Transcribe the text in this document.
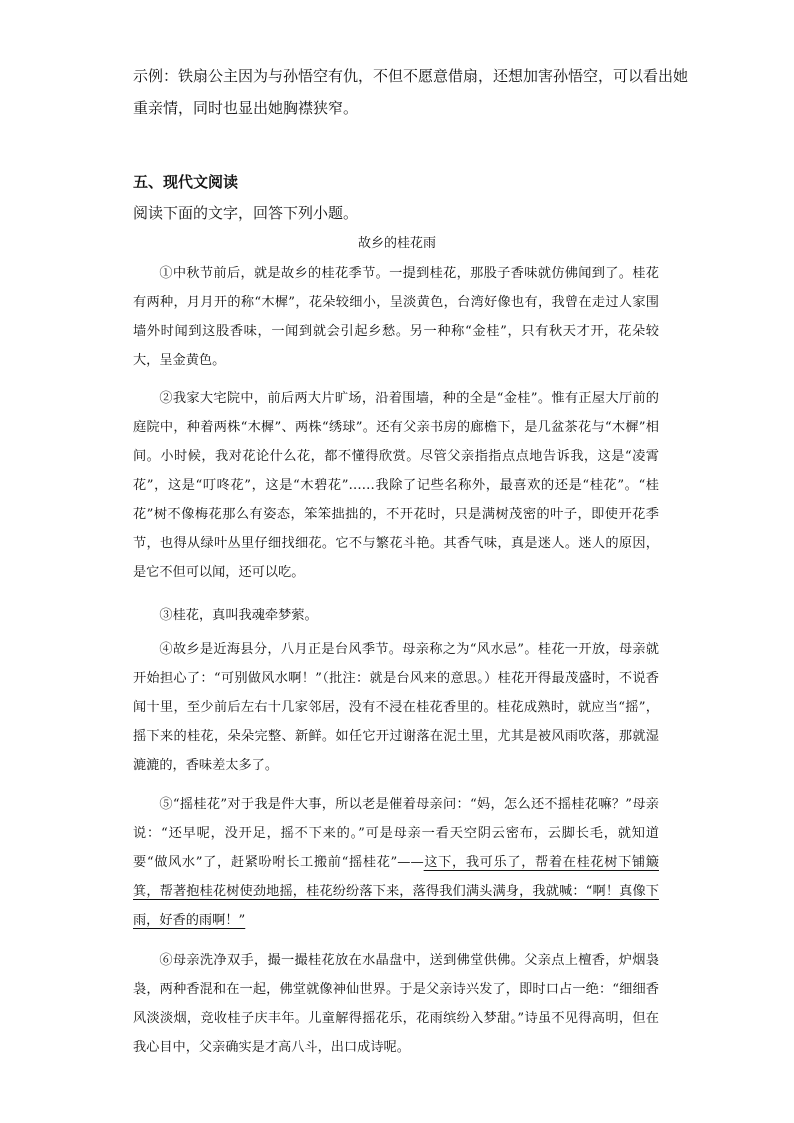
示例：铁扇公主因为与孙悟空有仇，不但不愿意借扇，还想加害孙悟空，可以看出她

重亲情，同时也显出她胸襟狭窄。

五、现代文阅读

阅读下面的文字，回答下列小题。

故乡的桂花雨

①中秋节前后，就是故乡的桂花季节。一提到桂花，那股子香味就仿佛闻到了。桂花有两种，月月开的称“木樨”，花朵较细小，呈淡黄色，台湾好像也有，我曾在走过人家围墙外时闻到这股香味，一闻到就会引起乡愁。另一种称“金桂”，只有秋天才开，花朵较大，呈金黄色。

②我家大宅院中，前后两大片旷场，沿着围墙，种的全是“金桂”。惟有正屋大厅前的庭院中，种着两株“木樨”、两株“绣球”。还有父亲书房的廊檐下，是几盆茶花与“木樨”相间。小时候，我对花论什么花，都不懂得欣赏。尽管父亲指指点点地告诉我，这是“凌霄花”，这是“叮咚花”，这是“木碧花”……我除了记些名称外，最喜欢的还是“桂花”。“桂花”树不像梅花那么有姿态，笨笨拙拙的，不开花时，只是满树茂密的叶子，即使开花季节，也得从绿叶丛里仔细找细花。它不与繁花斗艳。其香气味，真是迷人。迷人的原因，是它不但可以闻，还可以吃。

③桂花，真叫我魂牵梦萦。

④故乡是近海县分，八月正是台风季节。母亲称之为“风水忌”。桂花一开放，母亲就开始担心了：“可别做风水啊！”（批注：就是台风来的意思。）桂花开得最茂盛时，不说香闻十里，至少前后左右十几家邻居，没有不浸在桂花香里的。桂花成熟时，就应当“摇”，摇下来的桂花，朵朵完整、新鲜。如任它开过谢落在泥土里，尤其是被风雨吹落，那就湿漉漉的，香味差太多了。

⑤“摇桂花”对于我是件大事，所以老是催着母亲问：“妈，怎么还不摇桂花嘛？”母亲说：“还早呢，没开足，摇不下来的。”可是母亲一看天空阴云密布，云脚长毛，就知道要“做风水”了，赶紧吩咐长工搬前“摇桂花”——这下，我可乐了，帮着在桂花树下铺簸箕，帮著抱桂花树使劲地摇，桂花纷纷落下来，落得我们满头满身，我就喊：“啊！真像下雨，好香的雨啊！”

⑥母亲洗净双手，撮一撮桂花放在水晶盘中，送到佛堂供佛。父亲点上檀香，炉烟袅袅，两种香混和在一起，佛堂就像神仙世界。于是父亲诗兴发了，即时口占一绝：“细细香风淡淡烟，竞收桂子庆丰年。儿童解得摇花乐，花雨缤纷入梦甜。”诗虽不见得高明，但在我心目中，父亲确实是才高八斗，出口成诗呢。
